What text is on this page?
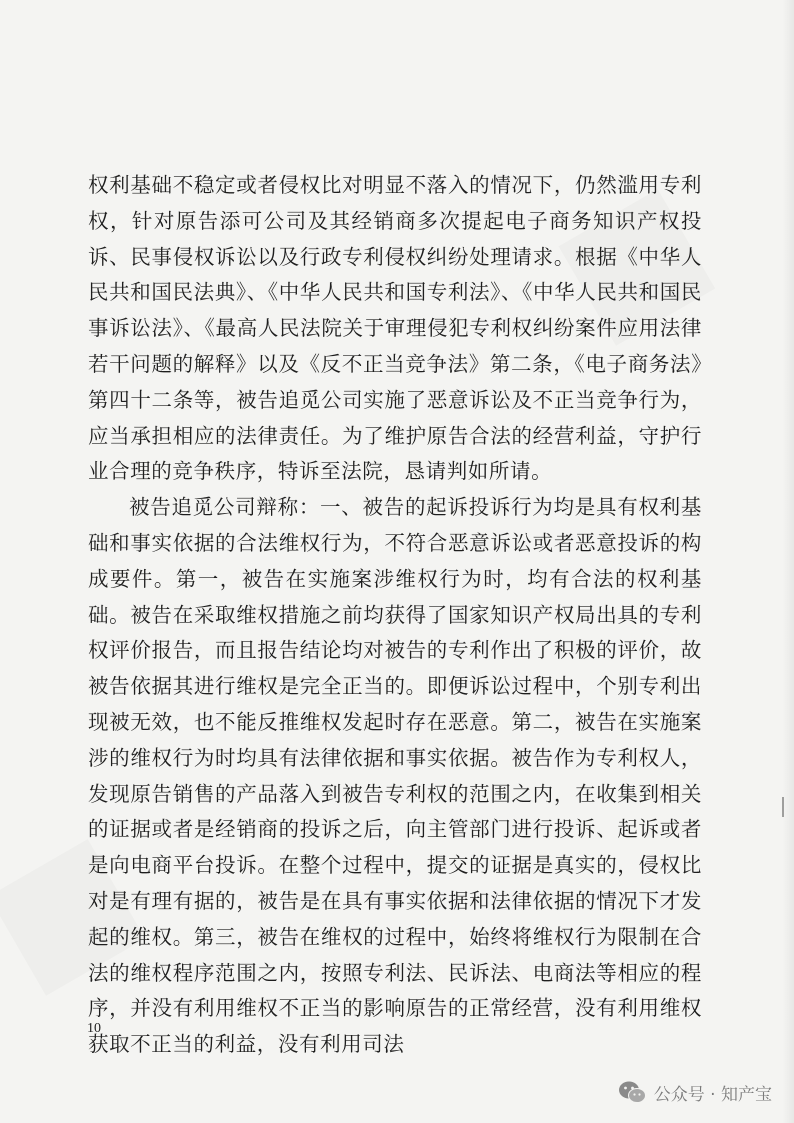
权利基础不稳定或者侵权比对明显不落入的情况下，仍然滥用专利权，针对原告添可公司及其经销商多次提起电子商务知识产权投诉、民事侵权诉讼以及行政专利侵权纠纷处理请求。根据《中华人民共和国民法典》、《中华人民共和国专利法》、《中华人民共和国民事诉讼法》、《最高人民法院关于审理侵犯专利权纠纷案件应用法律若干问题的解释》以及《反不正当竞争法》第二条，《电子商务法》第四十二条等，被告追觅公司实施了恶意诉讼及不正当竞争行为，应当承担相应的法律责任。为了维护原告合法的经营利益，守护行业合理的竞争秩序，特诉至法院，恳请判如所请。

被告追觅公司辩称：一、被告的起诉投诉行为均是具有权利基础和事实依据的合法维权行为，不符合恶意诉讼或者恶意投诉的构成要件。第一，被告在实施案涉维权行为时，均有合法的权利基础。被告在采取维权措施之前均获得了国家知识产权局出具的专利权评价报告，而且报告结论均对被告的专利作出了积极的评价，故被告依据其进行维权是完全正当的。即便诉讼过程中，个别专利出现被无效，也不能反推维权发起时存在恶意。第二，被告在实施案涉的维权行为时均具有法律依据和事实依据。被告作为专利权人，发现原告销售的产品落入到被告专利权的范围之内，在收集到相关的证据或者是经销商的投诉之后，向主管部门进行投诉、起诉或者是向电商平台投诉。在整个过程中，提交的证据是真实的，侵权比对是有理有据的，被告是在具有事实依据和法律依据的情况下才发起的维权。第三，被告在维权的过程中，始终将维权行为限制在合法的维权程序范围之内，按照专利法、民诉法、电商法等相应的程序，并没有利用维权不正当的影响原告的正常经营，没有利用维权获取不正当的利益，没有利用司法

10
公众号 · 知产宝
